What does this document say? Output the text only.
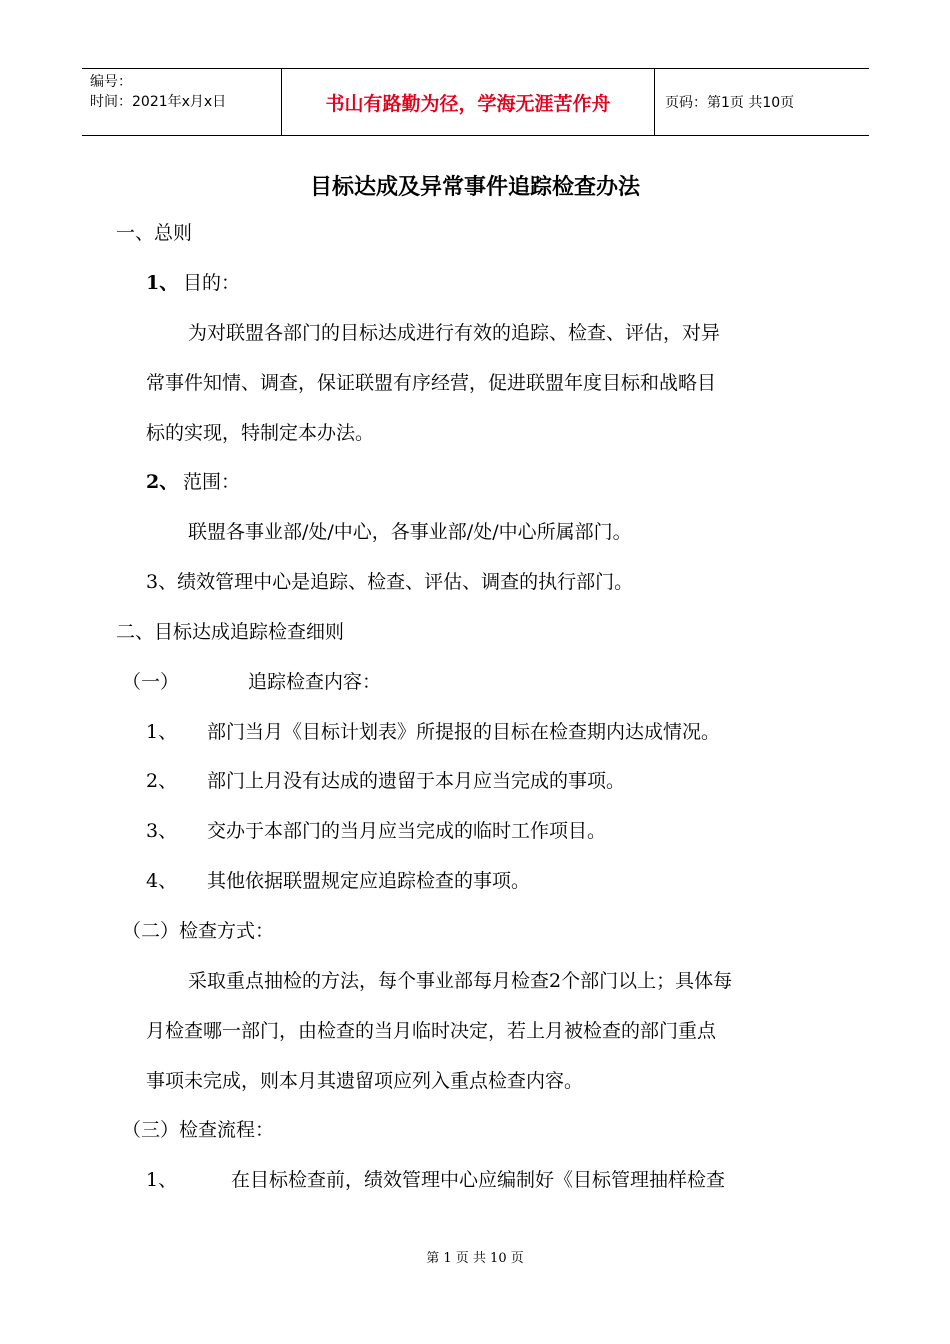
编号：
时间：2021年x月x日	书山有路勤为径，学海无涯苦作舟	页码：第1页 共10页
目标达成及异常事件追踪检查办法
一、总则
1、 目的：
为对联盟各部门的目标达成进行有效的追踪、检查、评估，对异
常事件知情、调查，保证联盟有序经营，促进联盟年度目标和战略目
标的实现，特制定本办法。
2、 范围：
联盟各事业部/处/中心，各事业部/处/中心所属部门。
3、绩效管理中心是追踪、检查、评估、调查的执行部门。
二、目标达成追踪检查细则
（一）	追踪检查内容：
1、 部门当月《目标计划表》所提报的目标在检查期内达成情况。
2、 部门上月没有达成的遗留于本月应当完成的事项。
3、 交办于本部门的当月应当完成的临时工作项目。
4、 其他依据联盟规定应追踪检查的事项。
（二）检查方式：
采取重点抽检的方法，每个事业部每月检查2个部门以上；具体每
月检查哪一部门，由检查的当月临时决定，若上月被检查的部门重点
事项未完成，则本月其遗留项应列入重点检查内容。
（三）检查流程：
1、	在目标检查前，绩效管理中心应编制好《目标管理抽样检查
第 1 页 共 10 页
